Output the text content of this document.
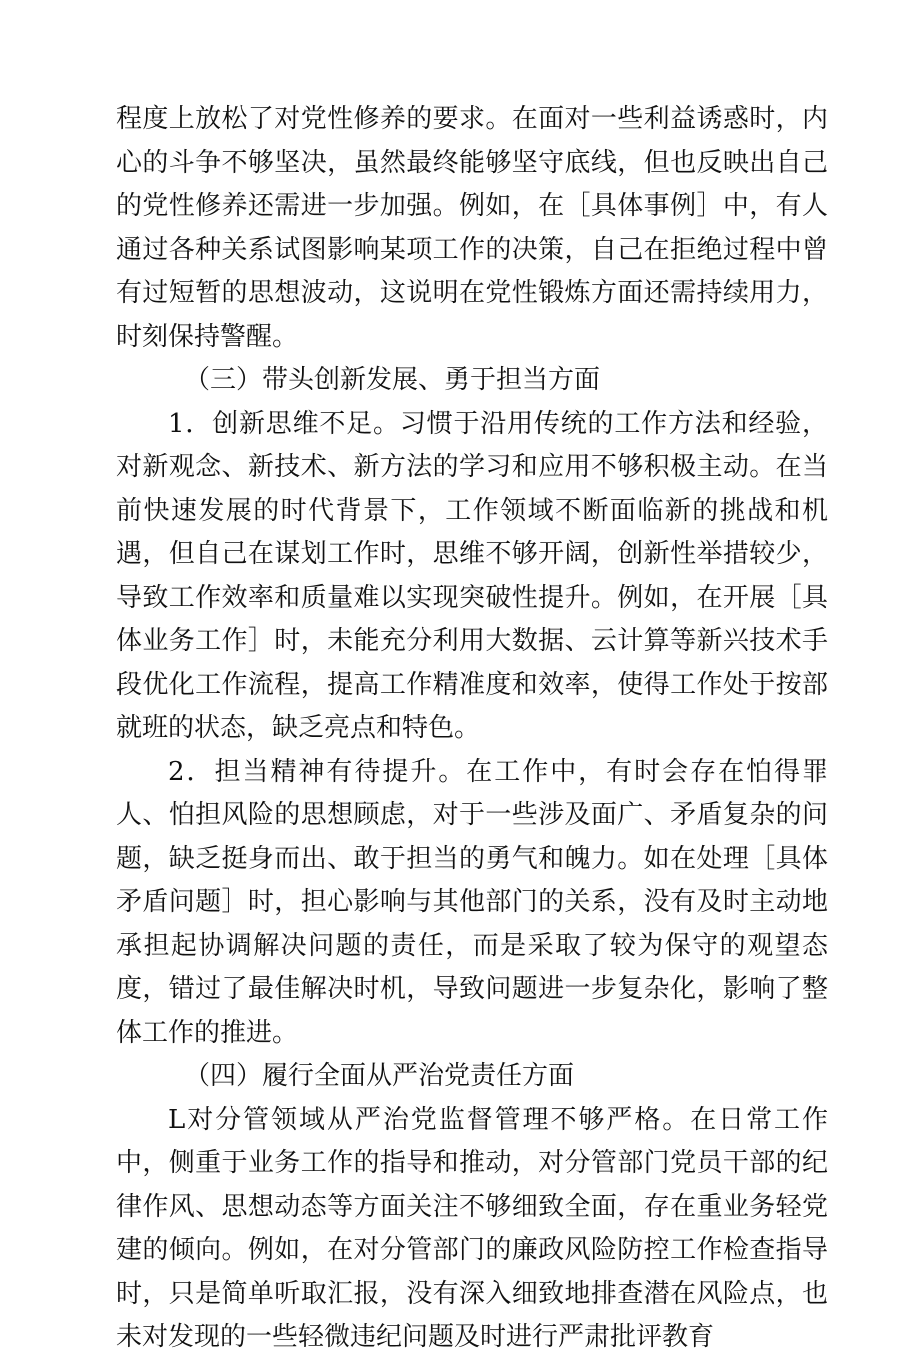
程度上放松了对党性修养的要求。在面对一些利益诱惑时，内心的斗争不够坚决，虽然最终能够坚守底线，但也反映出自己的党性修养还需进一步加强。例如，在［具体事例］中，有人通过各种关系试图影响某项工作的决策，自己在拒绝过程中曾有过短暂的思想波动，这说明在党性锻炼方面还需持续用力，时刻保持警醒。

（三）带头创新发展、勇于担当方面

1．创新思维不足。习惯于沿用传统的工作方法和经验，对新观念、新技术、新方法的学习和应用不够积极主动。在当前快速发展的时代背景下，工作领域不断面临新的挑战和机遇，但自己在谋划工作时，思维不够开阔，创新性举措较少，导致工作效率和质量难以实现突破性提升。例如，在开展［具体业务工作］时，未能充分利用大数据、云计算等新兴技术手段优化工作流程，提高工作精准度和效率，使得工作处于按部就班的状态，缺乏亮点和特色。

2．担当精神有待提升。在工作中，有时会存在怕得罪人、怕担风险的思想顾虑，对于一些涉及面广、矛盾复杂的问题，缺乏挺身而出、敢于担当的勇气和魄力。如在处理［具体矛盾问题］时，担心影响与其他部门的关系，没有及时主动地承担起协调解决问题的责任，而是采取了较为保守的观望态度，错过了最佳解决时机，导致问题进一步复杂化，影响了整体工作的推进。

（四）履行全面从严治党责任方面

L对分管领域从严治党监督管理不够严格。在日常工作中，侧重于业务工作的指导和推动，对分管部门党员干部的纪律作风、思想动态等方面关注不够细致全面，存在重业务轻党建的倾向。例如，在对分管部门的廉政风险防控工作检查指导时，只是简单听取汇报，没有深入细致地排查潜在风险点，也未对发现的一些轻微违纪问题及时进行严肃批评教育
